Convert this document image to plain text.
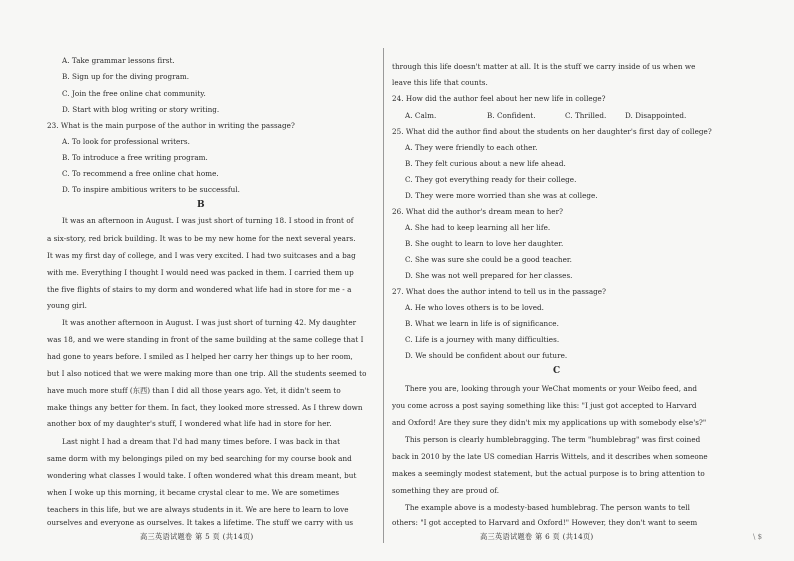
A. Take grammar lessons first.
B. Sign up for the diving program.
C. Join the free online chat community.
D. Start with blog writing or story writing.
23. What is the main purpose of the author in writing the passage?
A. To look for professional writers.
B. To introduce a free writing program.
C. To recommend a free online chat home.
D. To inspire ambitious writers to be successful.
B
It was an afternoon in August. I was just short of turning 18. I stood in front of
a six-story, red brick building. It was to be my new home for the next several years.
It was my first day of college, and I was very excited. I had two suitcases and a bag
with me. Everything I thought I would need was packed in them. I carried them up
the five flights of stairs to my dorm and wondered what life had in store for me - a
young girl.
It was another afternoon in August. I was just short of turning 42. My daughter
was 18, and we were standing in front of the same building at the same college that I
had gone to years before. I smiled as I helped her carry her things up to her room,
but I also noticed that we were making more than one trip. All the students seemed to
have much more stuff (东西) than I did all those years ago. Yet, it didn't seem to
make things any better for them. In fact, they looked more stressed. As I threw down
another box of my daughter's stuff, I wondered what life had in store for her.
Last night I had a dream that I'd had many times before. I was back in that
same dorm with my belongings piled on my bed searching for my course book and
wondering what classes I would take. I often wondered what this dream meant, but
when I woke up this morning, it became crystal clear to me. We are sometimes
teachers in this life, but we are always students in it. We are here to learn to love
ourselves and everyone as ourselves. It takes a lifetime. The stuff we carry with us
高三英语试题卷 第 5 页 (共14页)
through this life doesn't matter at all. It is the stuff we carry inside of us when we
leave this life that counts.
24. How did the author feel about her new life in college?
A. Calm.	B. Confident.	C. Thrilled.	D. Disappointed.
25. What did the author find about the students on her daughter's first day of college?
A. They were friendly to each other.
B. They felt curious about a new life ahead.
C. They got everything ready for their college.
D. They were more worried than she was at college.
26. What did the author's dream mean to her?
A. She had to keep learning all her life.
B. She ought to learn to love her daughter.
C. She was sure she could be a good teacher.
D. She was not well prepared for her classes.
27. What does the author intend to tell us in the passage?
A. He who loves others is to be loved.
B. What we learn in life is of significance.
C. Life is a journey with many difficulties.
D. We should be confident about our future.
C
There you are, looking through your WeChat moments or your Weibo feed, and
you come across a post saying something like this: "I just got accepted to Harvard
and Oxford! Are they sure they didn't mix my applications up with somebody else's?"
This person is clearly humblebragging. The term "humblebrag" was first coined
back in 2010 by the late US comedian Harris Wittels, and it describes when someone
makes a seemingly modest statement, but the actual purpose is to bring attention to
something they are proud of.
The example above is a modesty-based humblebrag. The person wants to tell
others: "I got accepted to Harvard and Oxford!" However, they don't want to seem
高三英语试题卷 第 6 页 (共14页)	\ $
